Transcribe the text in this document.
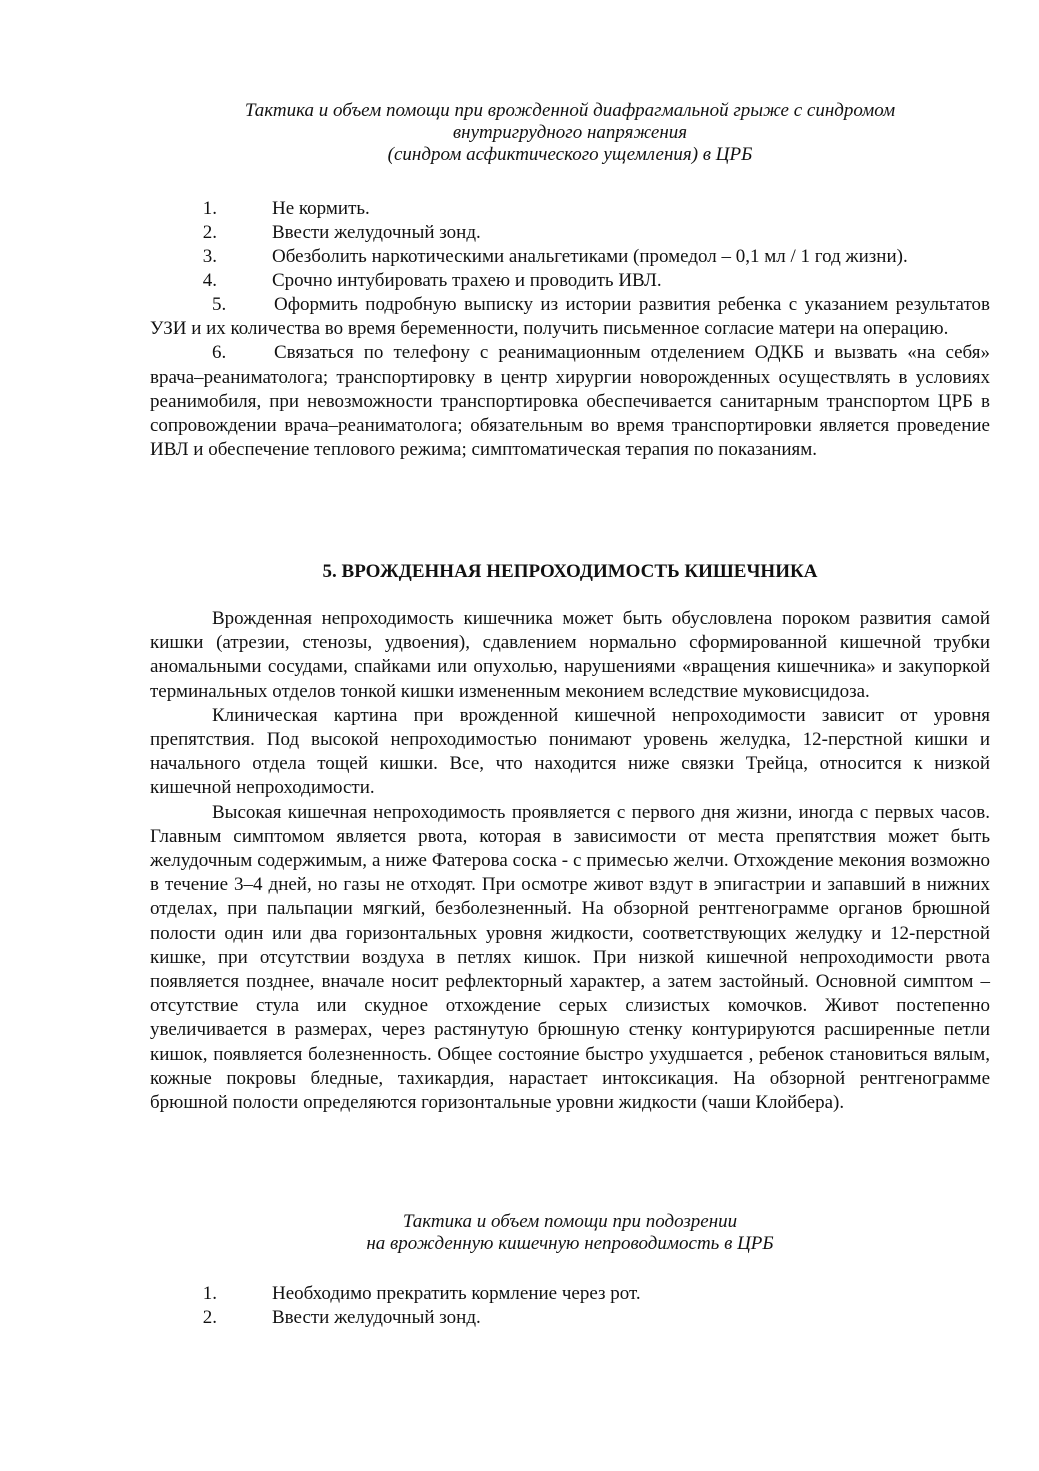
Тактика и объем помощи при врожденной диафрагмальной грыже с синдромом
внутригрудного напряжения
(синдром асфиктического ущемления) в ЦРБ

1.	Не кормить.
2.	Ввести желудочный зонд.
3.	Обезболить наркотическими анальгетиками (промедол – 0,1 мл / 1 год жизни).
4.	Срочно интубировать трахею и проводить ИВЛ.

5.	Оформить подробную выписку из истории развития ребенка с указанием результатов УЗИ и их количества во время беременности, получить письменное согласие матери на операцию.

6.	Связаться по телефону с реанимационным отделением ОДКБ и вызвать «на себя» врача–реаниматолога; транспортировку в центр хирургии новорожденных осуществлять в условиях реанимобиля, при невозможности транспортировка обеспечивается санитарным транспортом ЦРБ в сопровождении врача–реаниматолога; обязательным во время транспортировки является проведение ИВЛ и обеспечение теплового режима; симптоматическая терапия по показаниям.

5. ВРОЖДЕННАЯ НЕПРОХОДИМОСТЬ КИШЕЧНИКА

Врожденная непроходимость кишечника может быть обусловлена пороком развития самой кишки (атрезии, стенозы, удвоения), сдавлением нормально сформированной кишечной трубки аномальными сосудами, спайками или опухолью, нарушениями «вращения кишечника» и закупоркой терминальных отделов тонкой кишки измененным меконием вследствие муковисцидоза.

Клиническая картина при врожденной кишечной непроходимости зависит от уровня препятствия. Под высокой непроходимостью понимают уровень желудка, 12-перстной кишки и начального отдела тощей кишки. Все, что находится ниже связки Трейца, относится к низкой кишечной непроходимости.

Высокая кишечная непроходимость проявляется с первого дня жизни, иногда с первых часов. Главным симптомом является рвота, которая в зависимости от места препятствия может быть желудочным содержимым, а ниже Фатерова соска - с примесью желчи. Отхождение мекония возможно в течение 3–4 дней, но газы не отходят. При осмотре живот вздут в эпигастрии и запавший в нижних отделах, при пальпации мягкий, безболезненный. На обзорной рентгенограмме органов брюшной полости один или два горизонтальных уровня жидкости, соответствующих желудку и 12-перстной кишке, при отсутствии воздуха в петлях кишок. При низкой кишечной непроходимости рвота появляется позднее, вначале носит рефлекторный характер, а затем застойный. Основной симптом – отсутствие стула или скудное отхождение серых слизистых комочков. Живот постепенно увеличивается в размерах, через растянутую брюшную стенку контурируются расширенные петли кишок, появляется болезненность. Общее состояние быстро ухудшается , ребенок становиться вялым, кожные покровы бледные, тахикардия, нарастает интоксикация. На обзорной рентгенограмме брюшной полости определяются горизонтальные уровни жидкости (чаши Клойбера).

Тактика и объем помощи при подозрении
на врожденную кишечную непроводимость в ЦРБ

1.	Необходимо прекратить кормление через рот.
2.	Ввести желудочный зонд.
